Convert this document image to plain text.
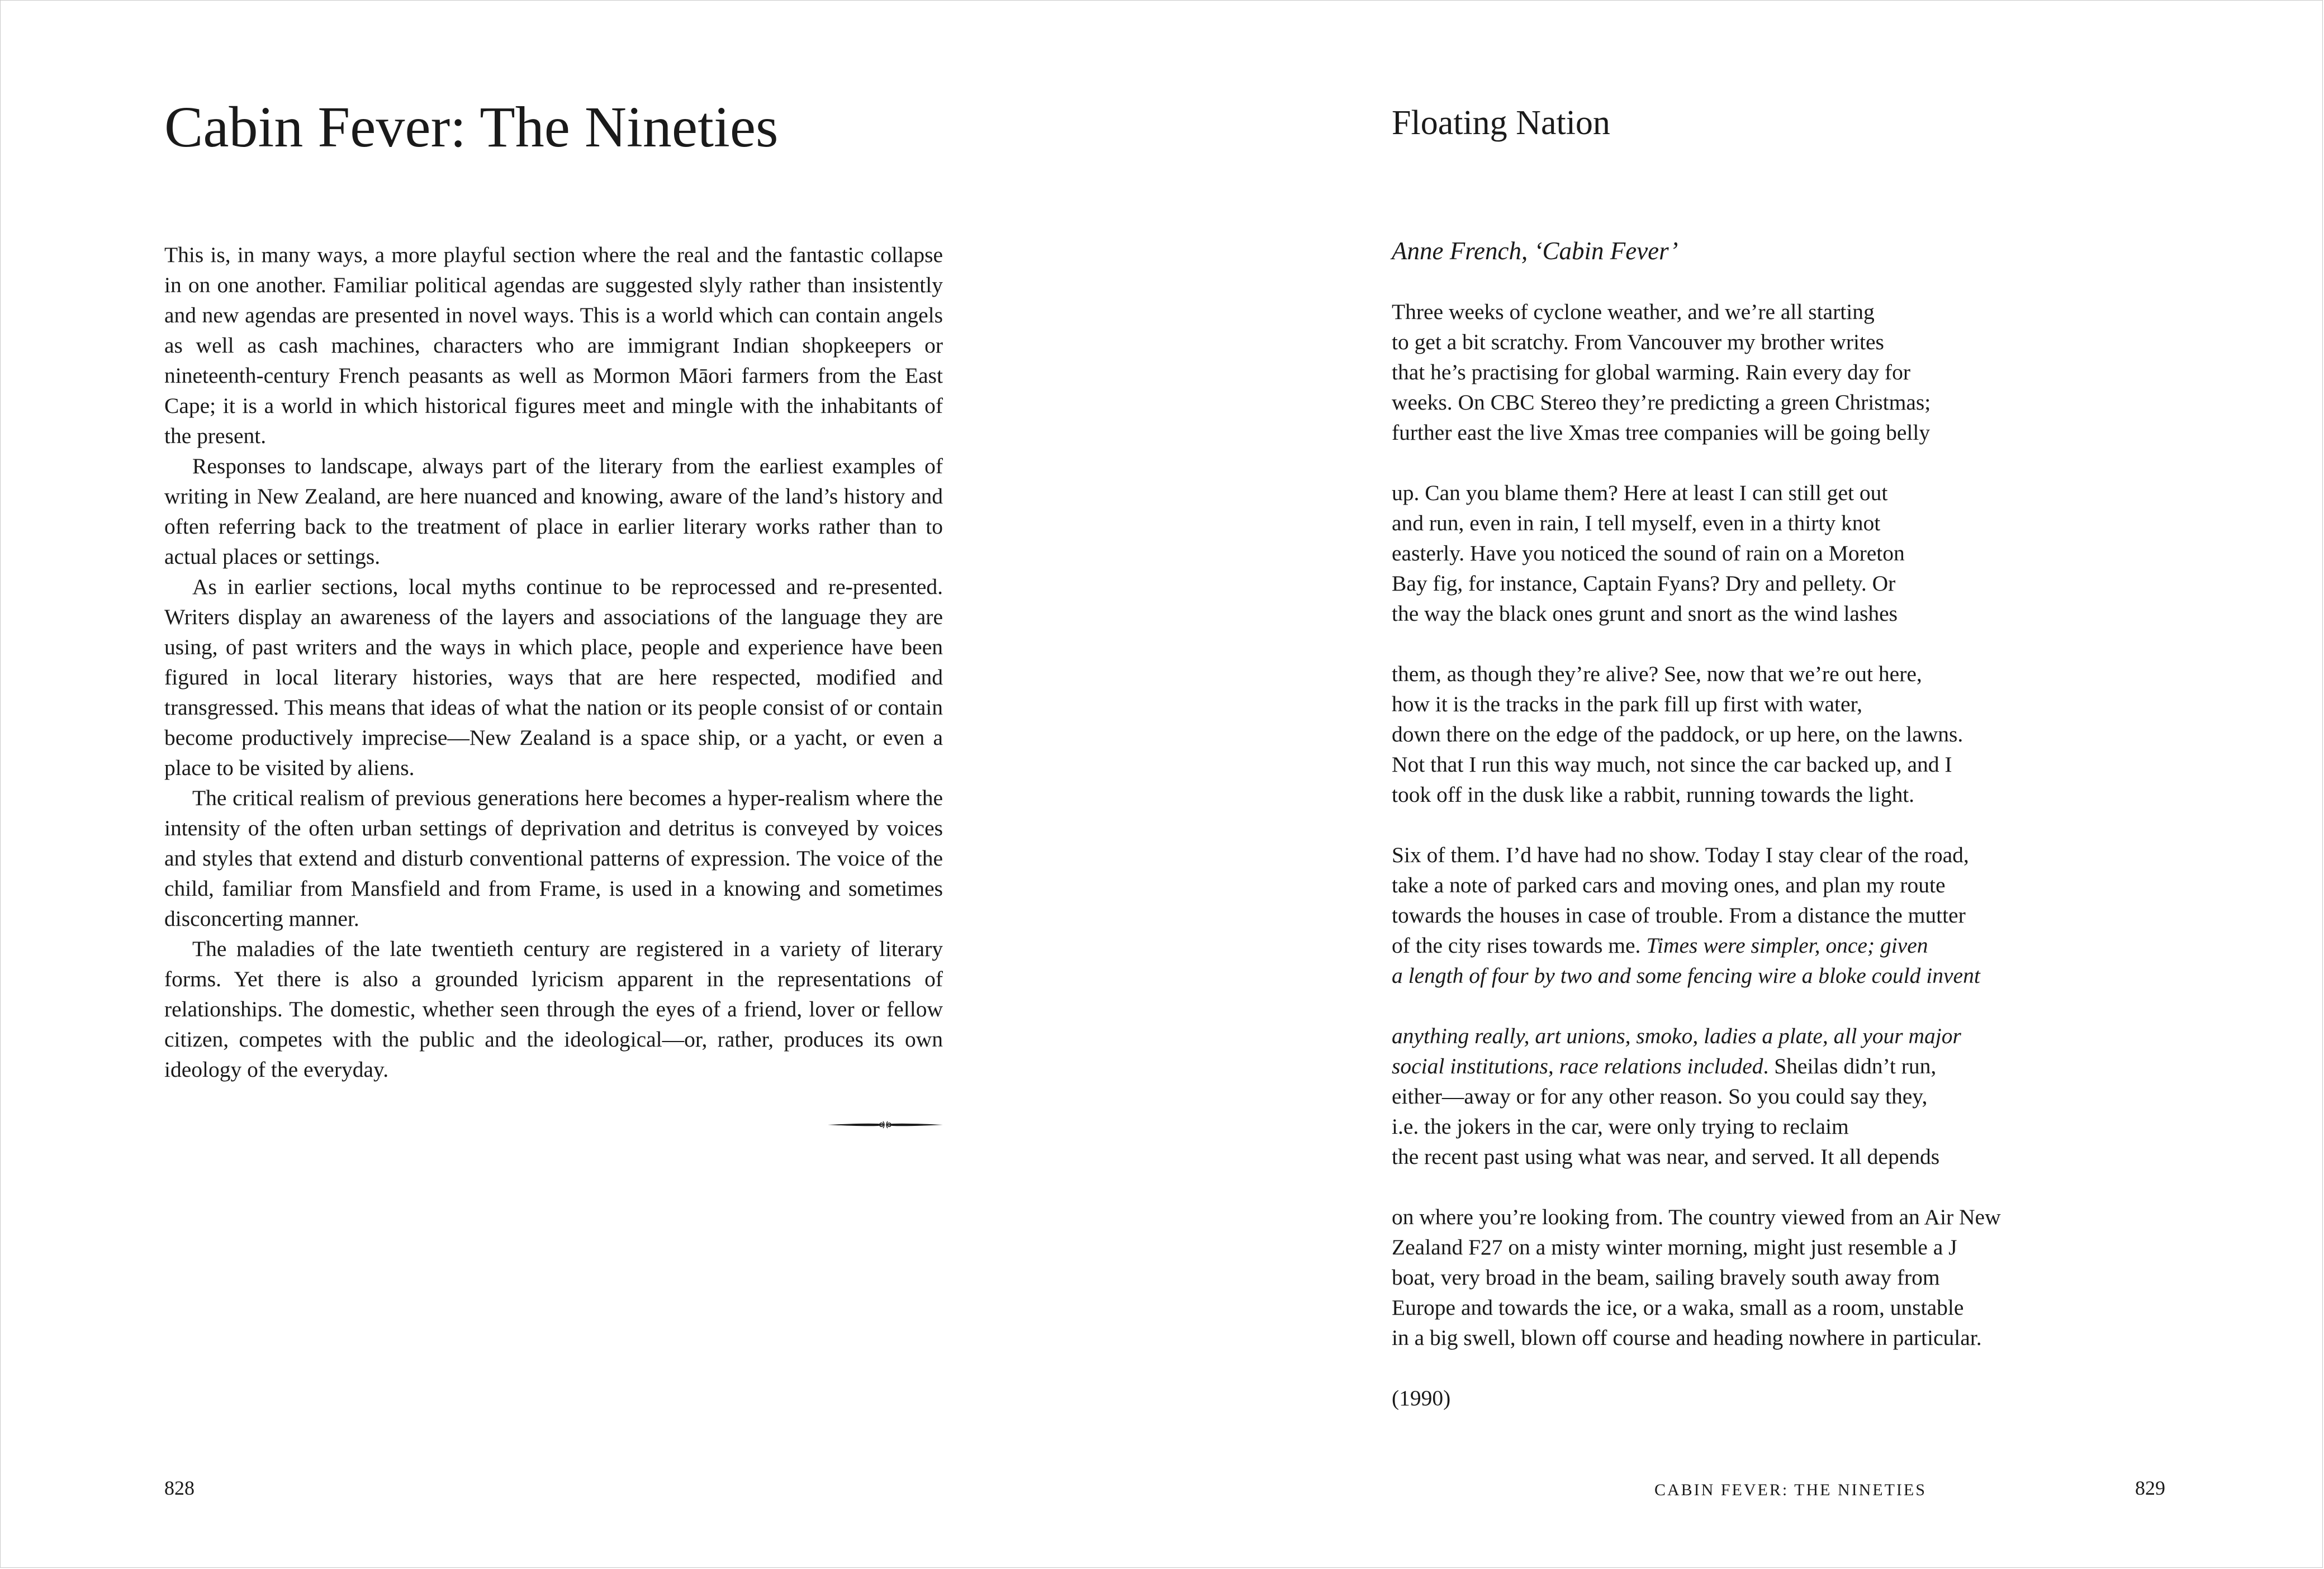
Cabin Fever: The Nineties

This is, in many ways, a more playful section where the real and the fantastic collapse in on one another. Familiar political agendas are suggested slyly rather than insistently and new agendas are presented in novel ways. This is a world which can contain angels as well as cash machines, characters who are immigrant Indian shopkeepers or nineteenth-century French peasants as well as Mormon Māori farmers from the East Cape; it is a world in which historical figures meet and mingle with the inhabitants of the present.

Responses to landscape, always part of the literary from the earliest examples of writing in New Zealand, are here nuanced and knowing, aware of the land’s history and often referring back to the treatment of place in earlier literary works rather than to actual places or settings.

As in earlier sections, local myths continue to be reprocessed and re-presented. Writers display an awareness of the layers and associations of the language they are using, of past writers and the ways in which place, people and experience have been figured in local literary histories, ways that are here respected, modified and transgressed. This means that ideas of what the nation or its people consist of or contain become productively imprecise—New Zealand is a space ship, or a yacht, or even a place to be visited by aliens.

The critical realism of previous generations here becomes a hyper-realism where the intensity of the often urban settings of deprivation and detritus is conveyed by voices and styles that extend and disturb conventional patterns of expression. The voice of the child, familiar from Mansfield and from Frame, is used in a knowing and sometimes disconcerting manner.

The maladies of the late twentieth century are registered in a variety of literary forms. Yet there is also a grounded lyricism apparent in the representations of relationships. The domestic, whether seen through the eyes of a friend, lover or fellow citizen, competes with the public and the ideological—or, rather, produces its own ideology of the everyday.

828
Floating Nation
Anne French, ‘Cabin Fever’
Three weeks of cyclone weather, and we’re all starting
to get a bit scratchy. From Vancouver my brother writes
that he’s practising for global warming. Rain every day for
weeks. On CBC Stereo they’re predicting a green Christmas;
further east the live Xmas tree companies will be going belly
up. Can you blame them? Here at least I can still get out
and run, even in rain, I tell myself, even in a thirty knot
easterly. Have you noticed the sound of rain on a Moreton
Bay fig, for instance, Captain Fyans? Dry and pellety. Or
the way the black ones grunt and snort as the wind lashes
them, as though they’re alive? See, now that we’re out here,
how it is the tracks in the park fill up first with water,
down there on the edge of the paddock, or up here, on the lawns.
Not that I run this way much, not since the car backed up, and I
took off in the dusk like a rabbit, running towards the light.
Six of them. I’d have had no show. Today I stay clear of the road,
take a note of parked cars and moving ones, and plan my route
towards the houses in case of trouble. From a distance the mutter
of the city rises towards me. Times were simpler, once; given
a length of four by two and some fencing wire a bloke could invent
anything really, art unions, smoko, ladies a plate, all your major
social institutions, race relations included. Sheilas didn’t run,
either—away or for any other reason. So you could say they,
i.e. the jokers in the car, were only trying to reclaim
the recent past using what was near, and served. It all depends
on where you’re looking from. The country viewed from an Air New
Zealand F27 on a misty winter morning, might just resemble a J
boat, very broad in the beam, sailing bravely south away from
Europe and towards the ice, or a waka, small as a room, unstable
in a big swell, blown off course and heading nowhere in particular.

(1990)

CABIN FEVER: THE NINETIES	829
